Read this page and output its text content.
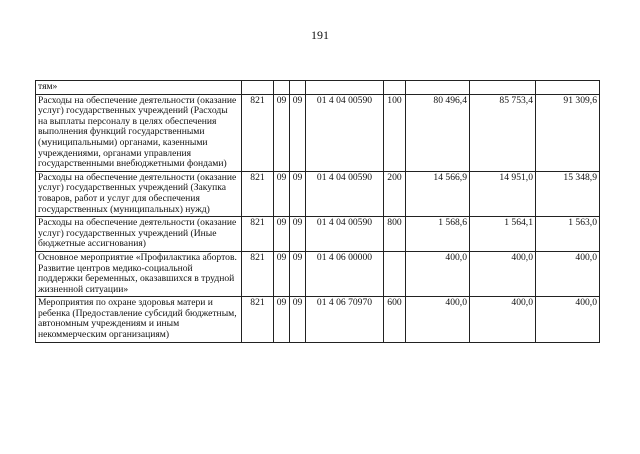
191
тям»								
Расходы на обеспечение деятельности (оказание услуг) государственных учреждений (Расходы на выплаты персоналу в целях обеспечения выполнения функций государственными (муниципальными) органами, казенными учреждениями, органами управления государственными внебюджетными фондами)	821	09	09	01 4 04 00590	100	80 496,4	85 753,4	91 309,6
Расходы на обеспечение деятельности (оказание услуг) государственных учреждений (Закупка товаров, работ и услуг для обеспечения государственных (муниципальных) нужд)	821	09	09	01 4 04 00590	200	14 566,9	14 951,0	15 348,9
Расходы на обеспечение деятельности (оказание услуг) государственных учреждений (Иные бюджетные ассигнования)	821	09	09	01 4 04 00590	800	1 568,6	1 564,1	1 563,0
Основное мероприятие «Профилактика абортов. Развитие центров медико-социальной поддержки беременных, оказавшихся в трудной жизненной ситуации»	821	09	09	01 4 06 00000		400,0	400,0	400,0
Мероприятия по охране здоровья матери и ребенка (Предоставление субсидий бюджетным, автономным учреждениям и иным некоммерческим организациям)	821	09	09	01 4 06 70970	600	400,0	400,0	400,0
